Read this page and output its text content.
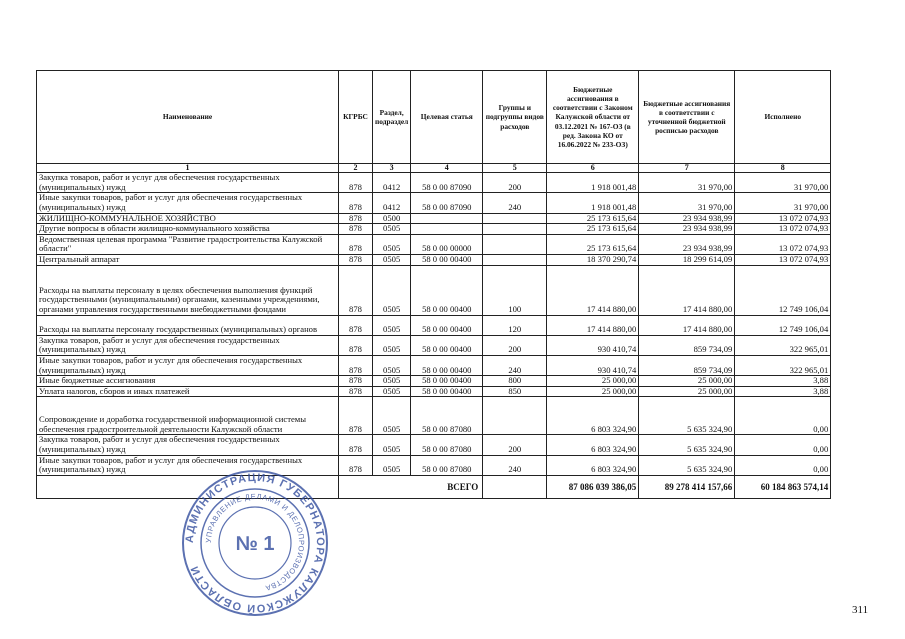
Наименование	КГРБС	Раздел, подраздел	Целевая статья	Группы и подгруппы видов расходов	Бюджетные ассигнования в соответствии с Законом Калужской области от 03.12.2021 № 167-ОЗ (в ред. Закона КО от 16.06.2022 № 233-ОЗ)	Бюджетные ассигнования в соответствии с уточненной бюджетной росписью расходов	Исполнено
1	2	3	4	5	6	7	8
Закупка товаров, работ и услуг для обеспечения государственных (муниципальных) нужд	878	0412	58 0 00 87090	200	1 918 001,48	31 970,00	31 970,00
Иные закупки товаров, работ и услуг для обеспечения государственных (муниципальных) нужд	878	0412	58 0 00 87090	240	1 918 001,48	31 970,00	31 970,00
ЖИЛИЩНО-КОММУНАЛЬНОЕ ХОЗЯЙСТВО	878	0500			25 173 615,64	23 934 938,99	13 072 074,93
Другие вопросы в области жилищно-коммунального хозяйства	878	0505			25 173 615,64	23 934 938,99	13 072 074,93
Ведомственная целевая программа "Развитие градостроительства Калужской области"	878	0505	58 0 00 00000		25 173 615,64	23 934 938,99	13 072 074,93
Центральный аппарат	878	0505	58 0 00 00400		18 370 290,74	18 299 614,09	13 072 074,93
Расходы на выплаты персоналу в целях обеспечения выполнения функций государственными (муниципальными) органами, казенными учреждениями, органами управления государственными внебюджетными фондами	878	0505	58 0 00 00400	100	17 414 880,00	17 414 880,00	12 749 106,04
Расходы на выплаты персоналу государственных (муниципальных) органов	878	0505	58 0 00 00400	120	17 414 880,00	17 414 880,00	12 749 106,04
Закупка товаров, работ и услуг для обеспечения государственных (муниципальных) нужд	878	0505	58 0 00 00400	200	930 410,74	859 734,09	322 965,01
Иные закупки товаров, работ и услуг для обеспечения государственных (муниципальных) нужд	878	0505	58 0 00 00400	240	930 410,74	859 734,09	322 965,01
Иные бюджетные ассигнования	878	0505	58 0 00 00400	800	25 000,00	25 000,00	3,88
Уплата налогов, сборов и иных платежей	878	0505	58 0 00 00400	850	25 000,00	25 000,00	3,88
Сопровождение и доработка государственной информационной системы обеспечения градостроительной деятельности Калужской области	878	0505	58 0 00 87080		6 803 324,90	5 635 324,90	0,00
Закупка товаров, работ и услуг для обеспечения государственных (муниципальных) нужд	878	0505	58 0 00 87080	200	6 803 324,90	5 635 324,90	0,00
Иные закупки товаров, работ и услуг для обеспечения государственных (муниципальных) нужд	878	0505	58 0 00 87080	240	6 803 324,90	5 635 324,90	0,00
	ВСЕГО				87 086 039 386,05	89 278 414 157,66	60 184 863 574,14
АДМИНИСТРАЦИЯ ГУБЕРНАТОРА КАЛУЖСКОЙ ОБЛАСТИ
УПРАВЛЕНИЕ ДЕЛАМИ И ДЕЛОПРОИЗВОДСТВА
№ 1
311
